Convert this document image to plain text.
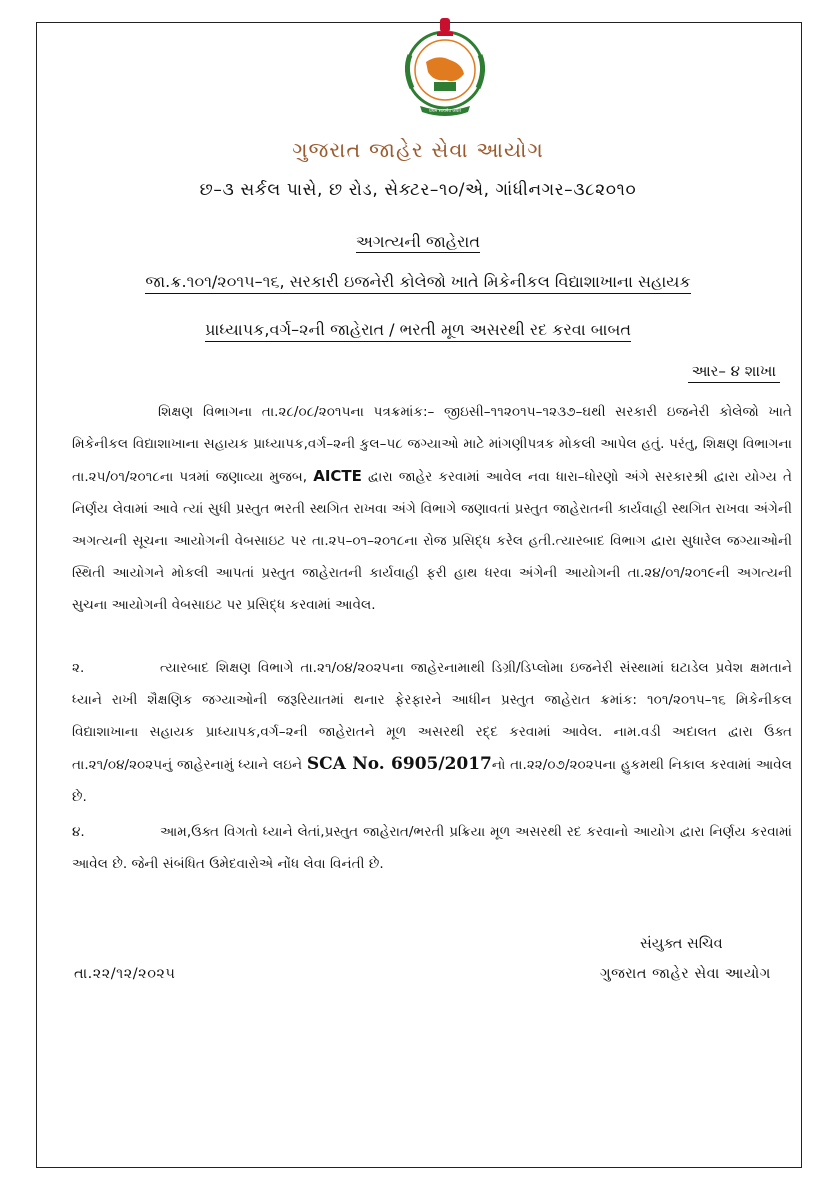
प्रथम सत्यमेव जयते
ગુજરાત જાહેર સેવા આયોગ
છ–૩ સર્કલ પાસે, છ રોડ, સેક્ટર–૧૦/એ, ગાંધીનગર–૩૮૨૦૧૦
અગત્યની જાહેરાત
જા.ક્ર.૧૦૧/૨૦૧૫–૧૬, સરકારી ઇજનેરી કોલેજો ખાતે મિકેનીકલ વિદ્યાશાખાના સહાયક
પ્રાધ્યાપક,વર્ગ–૨ની જાહેરાત / ભરતી મૂળ અસરથી રદ કરવા બાબત
આર– ૪ શાખા
શિક્ષણ વિભાગના તા.૨૮/૦૮/૨૦૧૫ના પત્રક્રમાંક:– જીઇસી–૧૧૨૦૧૫–૧૨૩૭–ઘથી સરકારી ઇજનેરી કોલેજો ખાતે મિકેનીકલ વિદ્યાશાખાના સહાયક પ્રાધ્યાપક,વર્ગ–૨ની કુલ–૫૮ જગ્યાઓ માટે માંગણીપત્રક મોકલી આપેલ હતું. પરંતુ, શિક્ષણ વિભાગના તા.૨૫/૦૧/૨૦૧૮ના પત્રમાં જણાવ્યા મુજબ, AICTE દ્વારા જાહેર કરવામાં આવેલ નવા ધારા–ધોરણો અંગે સરકારશ્રી દ્વારા યોગ્ય તે નિર્ણય લેવામાં આવે ત્યાં સુધી પ્રસ્તુત ભરતી સ્થગિત રાખવા અંગે વિભાગે જણાવતાં પ્રસ્તુત જાહેરાતની કાર્યવાહી સ્થગિત રાખવા અંગેની અગત્યની સૂચના આયોગની વેબસાઇટ પર તા.૨૫–૦૧–૨૦૧૮ના રોજ પ્રસિદ્ધ કરેલ હતી.ત્યારબાદ વિભાગ દ્વારા સુધારેલ જગ્યાઓની સ્થિતી આયોગને મોકલી આપતાં પ્રસ્તુત જાહેરાતની કાર્યવાહી ફરી હાથ ધરવા અંગેની આયોગની તા.૨૪/૦૧/૨૦૧૯ની અગત્યની સુચના આયોગની વેબસાઇટ પર પ્રસિદ્ધ કરવામાં આવેલ.
૨.	ત્યારબાદ શિક્ષણ વિભાગે તા.૨૧/૦૪/૨૦૨૫ના જાહેરનામાથી ડિગ્રી/ડિપ્લોમા ઇજનેરી સંસ્થામાં ઘટાડેલ પ્રવેશ ક્ષમતાને ધ્યાને રાખી શૈક્ષણિક જગ્યાઓની જરૂરિયાતમાં થનાર ફેરફારને આધીન પ્રસ્તુત જાહેરાત ક્રમાંક: ૧૦૧/૨૦૧૫–૧૬ મિકેનીકલ વિદ્યાશાખાના સહાયક પ્રાધ્યાપક,વર્ગ–૨ની જાહેરાતને મૂળ અસરથી રદ્દ કરવામાં આવેલ. નામ.વડી અદાલત દ્વારા ઉક્ત તા.૨૧/૦૪/૨૦૨૫નું જાહેરનામું ધ્યાને લઇને SCA No. 6905/2017નો તા.૨૨/૦૭/૨૦૨૫ના હુકમથી નિકાલ કરવામાં આવેલ છે.
૪.	આમ,ઉક્ત વિગતો ધ્યાને લેતાં,પ્રસ્તુત જાહેરાત/ભરતી પ્રક્રિયા મૂળ અસરથી રદ કરવાનો આયોગ દ્વારા નિર્ણય કરવામાં આવેલ છે. જેની સંબંધિત ઉમેદવારોએ નોંધ લેવા વિનંતી છે.
સંયુક્ત સચિવ
ગુજરાત જાહેર સેવા આયોગ
તા.૨૨/૧૨/૨૦૨૫
